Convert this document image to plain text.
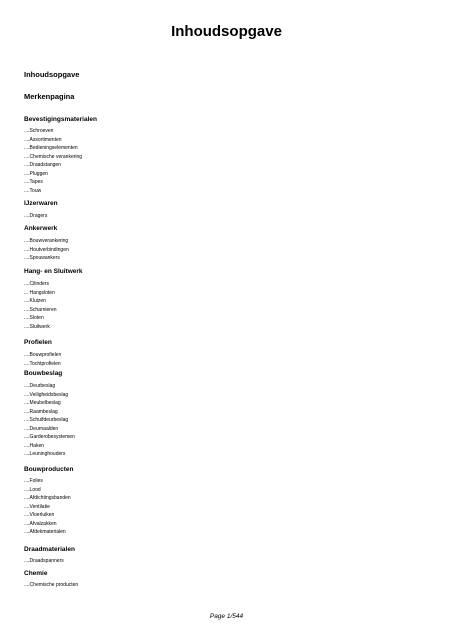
Inhoudsopgave
Inhoudsopgave
Merkenpagina
Bevestigingsmaterialen
....Schroeven
....Assortimenten
....Bedieningselementen
....Chemische verankering
....Draadstangen
....Pluggen
....Tapes
....Touw
IJzerwaren
....Dragers
Ankerwerk
....Bouwverankering
....Houtverbindingen
....Spouwankers
Hang- en Sluitwerk
....Cilinders
... Hangsloten
....Kluizen
....Scharnieren
....Sloten
....Sluitwerk
Profielen
....Bouwprofielen
....Tochtprofielen
Bouwbeslag
....Deurbeslag
....Veiligheidsbeslag
....Meubelbeslag
....Raambeslag
....Schuifdeurbeslag
....Deurnaalden
....Garderobesystemen
....Haken
....Leuninghouders
Bouwproducten
....Folies
....Lood
....Afdichtingsbanden
....Ventilatie
....Vloerluiken
....Afvalzakken
....Afdekmaterialen
Draadmaterialen
....Draadspanners
Chemie
....Chemische producten
Page 1/544
